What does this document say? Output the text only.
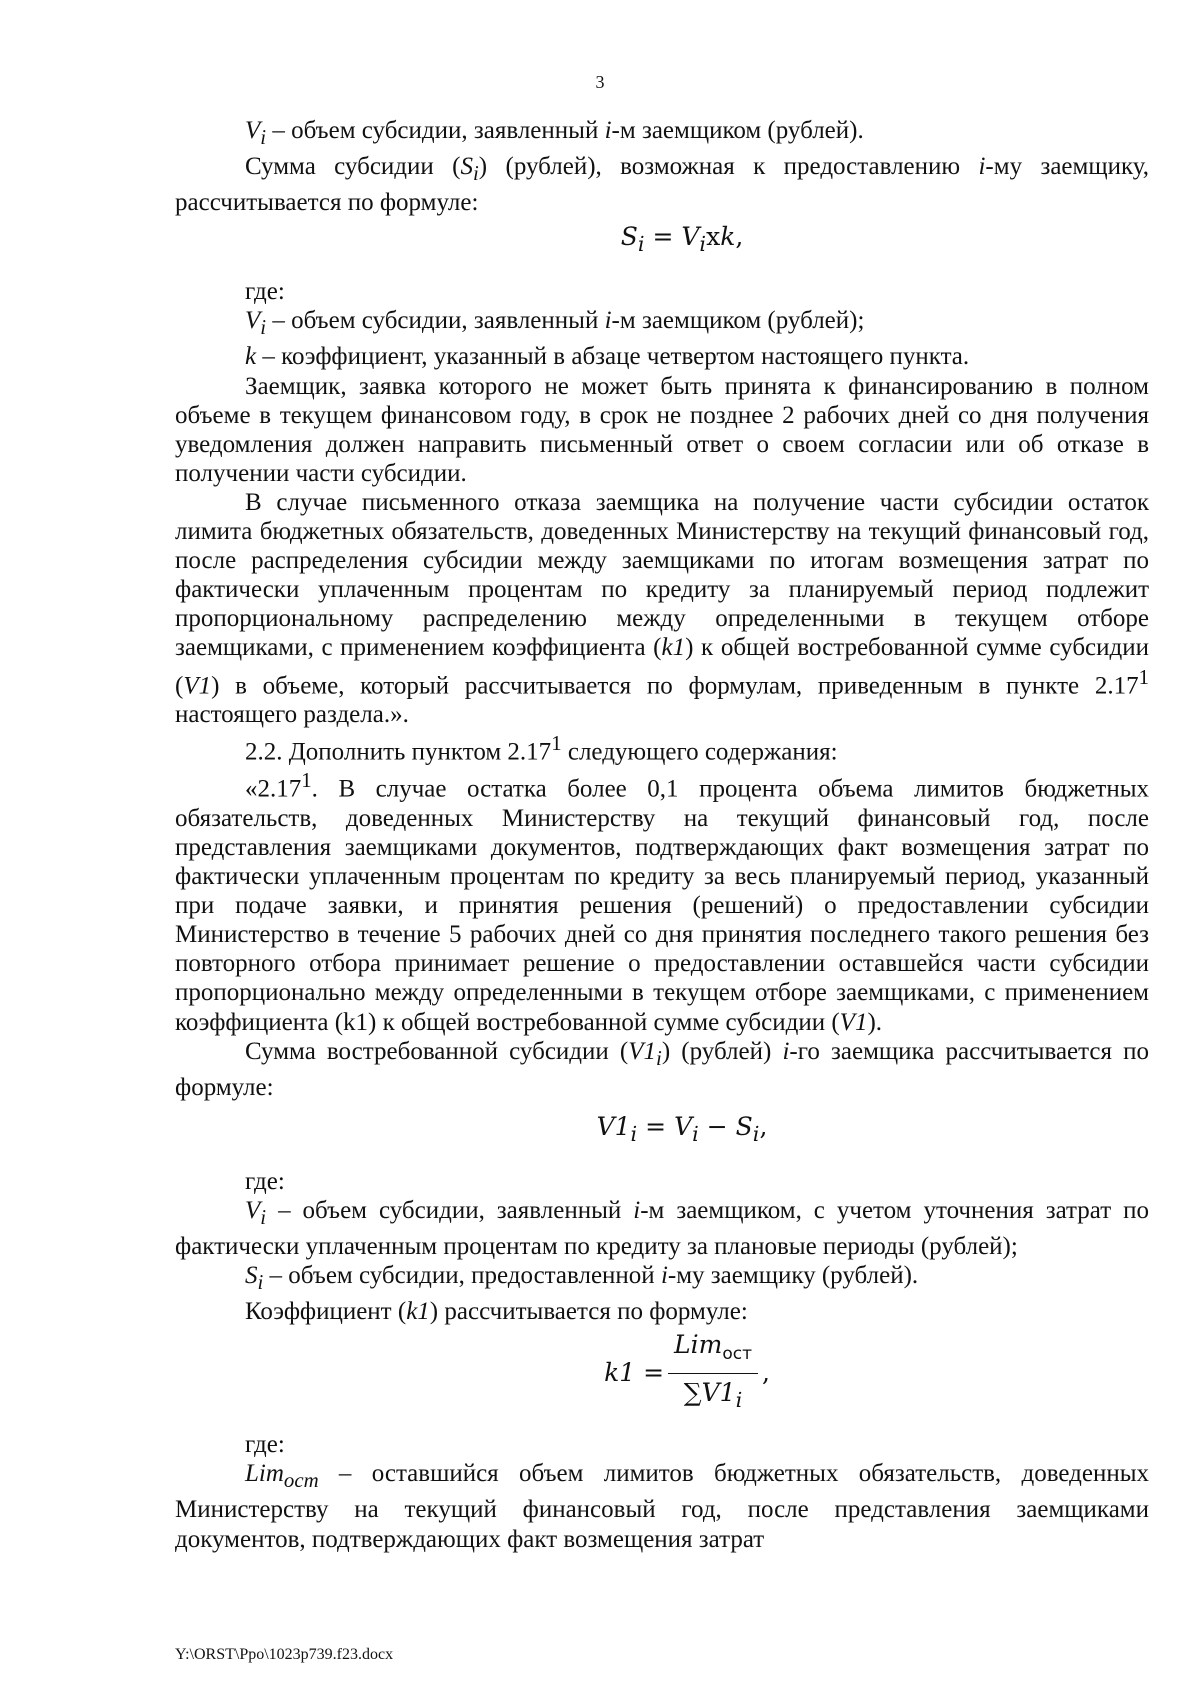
3

$V_i$ – объем субсидии, заявленный i-м заемщиком (рублей).

Сумма субсидии $(S_i)$ (рублей), возможная к предоставлению i-му заемщику, рассчитывается по формуле:

$S_i = V_ixk$,

где:

$V_i$ – объем субсидии, заявленный i-м заемщиком (рублей);

k – коэффициент, указанный в абзаце четвертом настоящего пункта.

Заемщик, заявка которого не может быть принята к финансированию в полном объеме в текущем финансовом году, в срок не позднее 2 рабочих дней со дня получения уведомления должен направить письменный ответ о своем согласии или об отказе в получении части субсидии.

В случае письменного отказа заемщика на получение части субсидии остаток лимита бюджетных обязательств, доведенных Министерству на текущий финансовый год, после распределения субсидии между заемщиками по итогам возмещения затрат по фактически уплаченным процентам по кредиту за планируемый период подлежит пропорциональному распределению между определенными в текущем отборе заемщиками, с применением коэффициента (k1) к общей востребованной сумме субсидии (V1) в объеме, который рассчитывается по формулам, приведенным в пункте 2.17$^1$ настоящего раздела.».

2.2. Дополнить пунктом 2.17$^1$ следующего содержания:

«2.17$^1$. В случае остатка более 0,1 процента объема лимитов бюджетных обязательств, доведенных Министерству на текущий финансовый год, после представления заемщиками документов, подтверждающих факт возмещения затрат по фактически уплаченным процентам по кредиту за весь планируемый период, указанный при подаче заявки, и принятия решения (решений) о предоставлении субсидии Министерство в течение 5 рабочих дней со дня принятия последнего такого решения без повторного отбора принимает решение о предоставлении оставшейся части субсидии пропорционально между определенными в текущем отборе заемщиками, с применением коэффициента (k1) к общей востребованной сумме субсидии (V1).

Сумма востребованной субсидии $(V1_i)$ (рублей) i-го заемщика рассчитывается по формуле:

$V1_i = V_i - S_i$,

где:

$V_i$ – объем субсидии, заявленный i-м заемщиком, с учетом уточнения затрат по фактически уплаченным процентам по кредиту за плановые периоды (рублей);

$S_i$ – объем субсидии, предоставленной i-му заемщику (рублей).

Коэффициент (k1) рассчитывается по формуле:

$k1 = \frac{Lim_{ост}}{\sum V1_i}$ ,

где:

Lim$_{ост}$ – оставшийся объем лимитов бюджетных обязательств, доведенных Министерству на текущий финансовый год, после представления заемщиками документов, подтверждающих факт возмещения затрат

Y:\ORST\Ppo\1023p739.f23.docx
